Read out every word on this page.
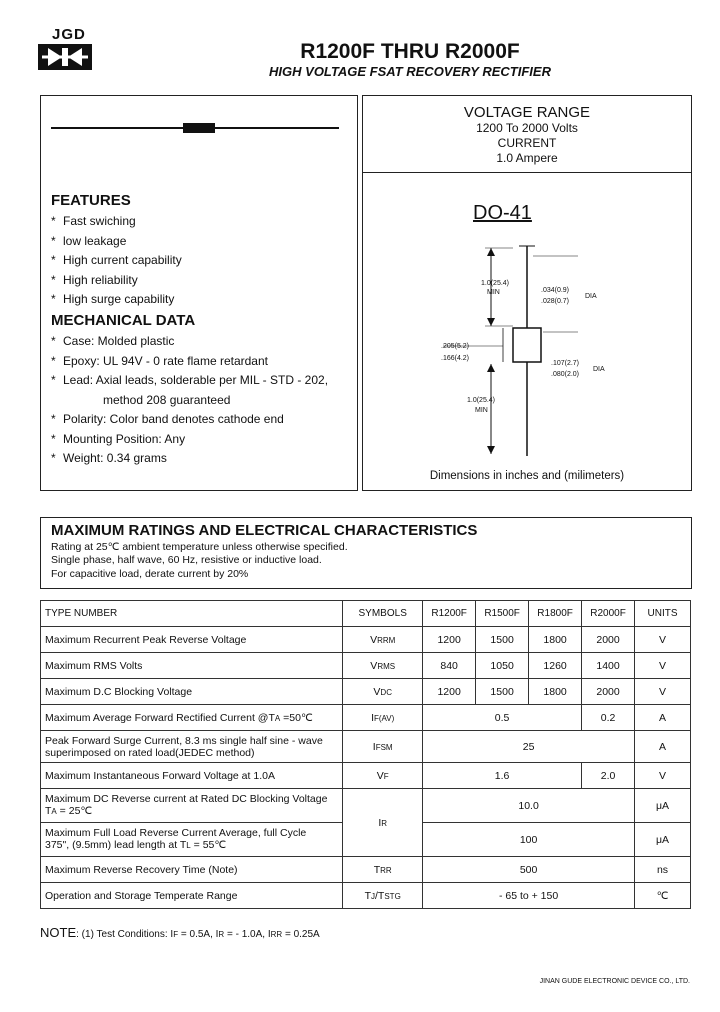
JGD
R1200F THRU R2000F
HIGH VOLTAGE FSAT RECOVERY RECTIFIER
FEATURES
* Fast swiching
* low leakage
* High current capability
* High reliability
* High surge capability
MECHANICAL DATA
* Case: Molded plastic
* Epoxy: UL 94V - 0 rate flame retardant
* Lead: Axial leads, solderable per MIL - STD - 202,
method 208 guaranteed
* Polarity: Color band denotes cathode end
* Mounting Position: Any
* Weight: 0.34 grams
VOLTAGE RANGE
1200 To 2000 Volts
CURRENT
1.0 Ampere
DO-41
1.0(25.4)
MIN	.034(0.9)
.028(0.7)
DIA
.205(5.2)
.166(4.2)
.107(2.7)
.080(2.0)
DIA
1.0(25.4)
MIN
Dimensions in inches and (milimeters)
MAXIMUM RATINGS AND ELECTRICAL CHARACTERISTICS
Rating at 25℃ ambient temperature unless otherwise specified.
Single phase, half wave, 60 Hz, resistive or inductive load.
For capacitive load, derate current by 20%
TYPE NUMBER	SYMBOLS	R1200F	R1500F	R1800F	R2000F	UNITS
Maximum Recurrent Peak Reverse Voltage	VRRM	1200	1500	1800	2000	V
Maximum RMS Volts	VRMS	840	1050	1260	1400	V
Maximum D.C Blocking Voltage	VDC	1200	1500	1800	2000	V
Maximum Average Forward Rectified Current @TA =50℃	IF(AV)	0.5			0.2	A
Peak Forward Surge Current, 8.3 ms single half sine - wave superimposed on rated load(JEDEC method)	IFSM	25				A
Maximum Instantaneous Forward Voltage at 1.0A	VF	1.6			2.0	V
Maximum DC Reverse current at Rated DC Blocking Voltage
TA = 25℃	IR	10.0				μA
Maximum Full Load Reverse Current Average, full Cycle
375", (9.5mm) lead length at TL = 55℃		100				μA
Maximum Reverse Recovery Time (Note)	TRR	500				ns
Operation and Storage Temperate Range	TJ/TSTG	- 65 to + 150				℃
NOTE: (1) Test Conditions: IF = 0.5A, IR = - 1.0A, IRR = 0.25A
JINAN GUDE ELECTRONIC DEVICE CO., LTD.
